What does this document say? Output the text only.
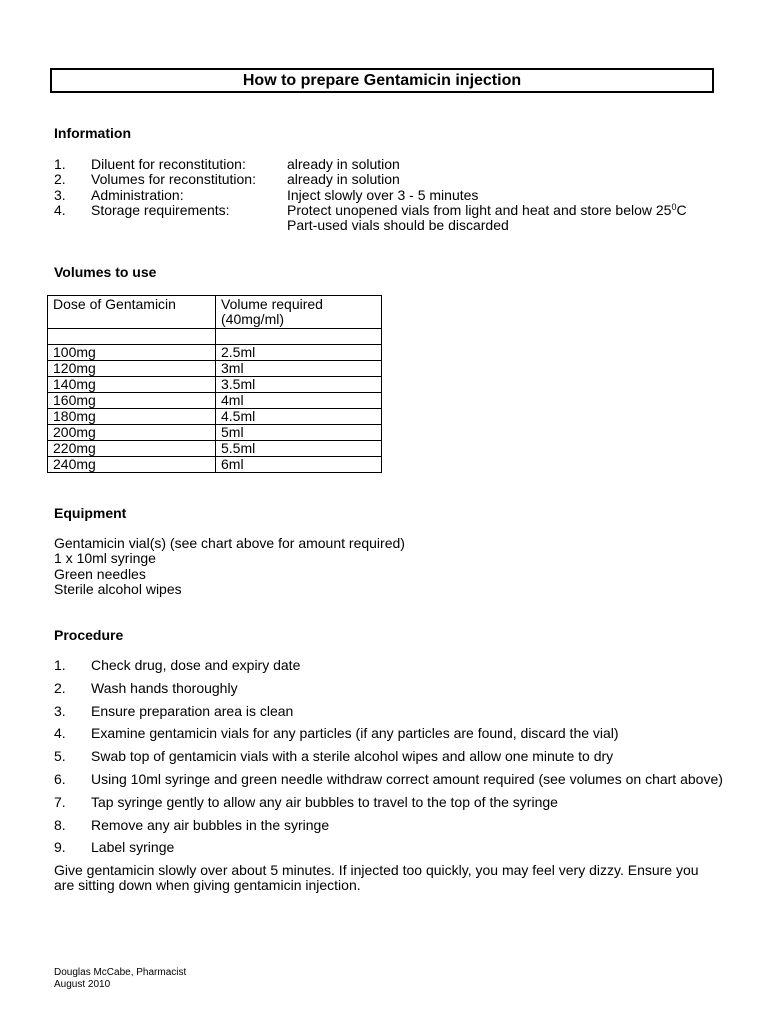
How to prepare Gentamicin injection
Information
1. Diluent for reconstitution:	already in solution
2. Volumes for reconstitution: already in solution
3. Administration:	Inject slowly over 3 - 5 minutes
4. Storage requirements:	Protect unopened vials from light and heat and store below $25^0C$
Part-used vials should be discarded
Volumes to use
Dose of Gentamicin	Volume required
(40mg/ml)

100mg	2.5ml
120mg	3ml
140mg	3.5ml
160mg	4ml
180mg	4.5ml
200mg	5ml
220mg	5.5ml
240mg	6ml
Equipment
Gentamicin vial(s) (see chart above for amount required)
1 x 10ml syringe
Green needles
Sterile alcohol wipes
Procedure
1. Check drug, dose and expiry date
2. Wash hands thoroughly
3. Ensure preparation area is clean
4. Examine gentamicin vials for any particles (if any particles are found, discard the vial)
5. Swab top of gentamicin vials with a sterile alcohol wipes and allow one minute to dry
6. Using 10ml syringe and green needle withdraw correct amount required (see volumes on chart above)
7. Tap syringe gently to allow any air bubbles to travel to the top of the syringe
8. Remove any air bubbles in the syringe
9. Label syringe
Give gentamicin slowly over about 5 minutes. If injected too quickly, you may feel very dizzy. Ensure you are sitting down when giving gentamicin injection.
Douglas McCabe, Pharmacist
August 2010
